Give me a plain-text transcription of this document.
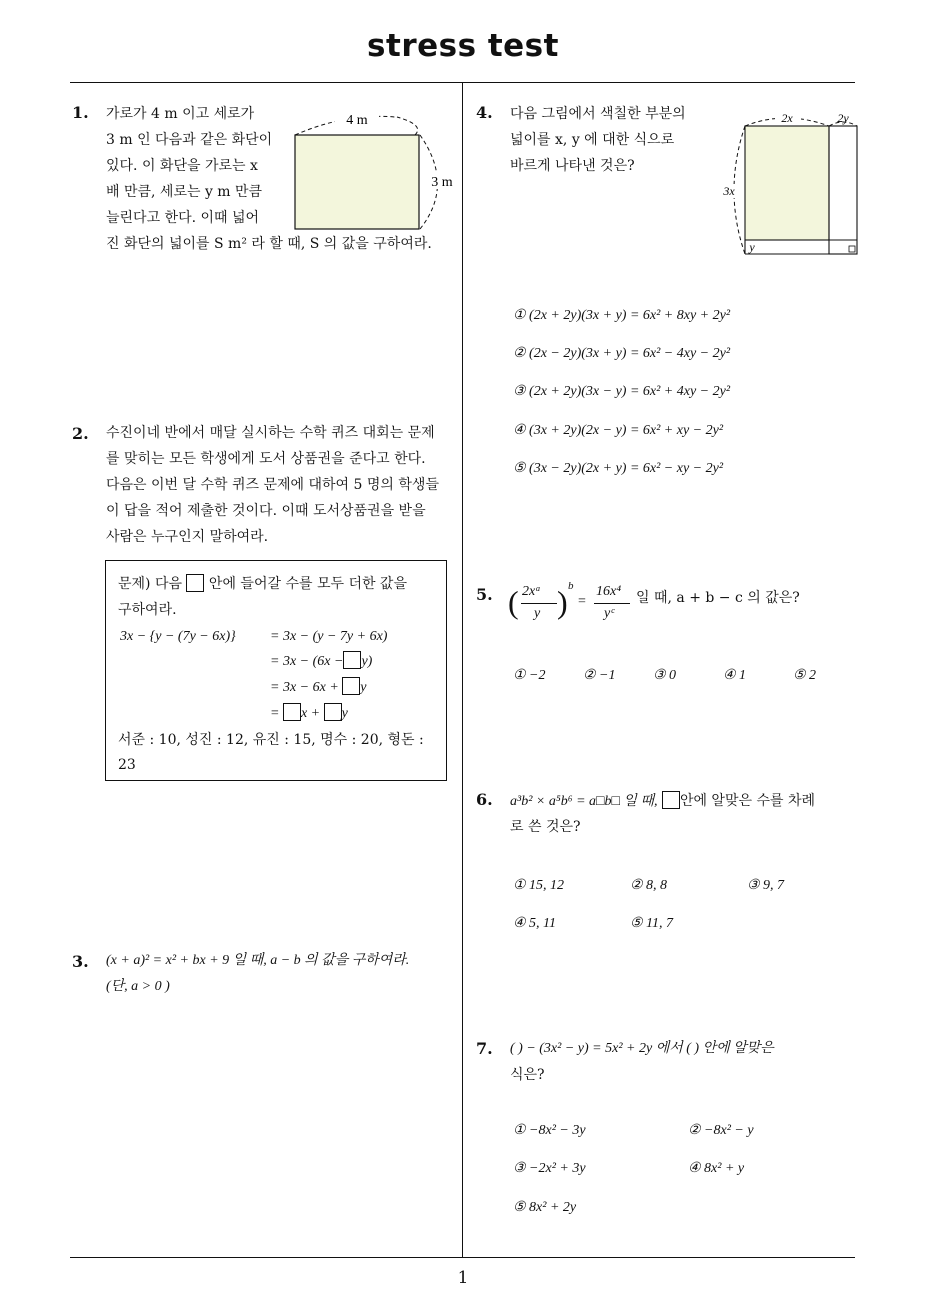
stress test
1. 가로가 4 m 이고 세로가
3 m 인 다음과 같은 화단이
있다. 이 화단을 가로는 x
배 만큼, 세로는 y m 만큼
늘린다고 한다. 이때 넓어
진 화단의 넓이를 S m² 라 할 때, S 의 값을 구하여라.
4 m
3 m
2. 수진이네 반에서 매달 실시하는 수학 퀴즈 대회는 문제
를 맞히는 모든 학생에게 도서 상품권을 준다고 한다.
다음은 이번 달 수학 퀴즈 문제에 대하여 5 명의 학생들
이 답을 적어 제출한 것이다. 이때 도서상품권을 받을
사람은 누구인지 말하여라.
문제) 다음 안에 들어갈 수를 모두 더한 값을
구하여라.
3x − {y − (7y − 6x)} = 3x − (y − 7y + 6x)
= 3x − (6x − y)
= 3x − 6x + y
= x + y
서준 : 10, 성진 : 12, 유진 : 15, 명수 : 20, 형돈 :
23
3. (x + a)² = x² + bx + 9 일 때, a − b 의 값을 구하여라.
(단, a > 0 )
4. 다음 그림에서 색칠한 부분의
넓이를 x, y 에 대한 식으로
바르게 나타낸 것은?
2x	2y
3x
y
① (2x + 2y)(3x + y) = 6x² + 8xy + 2y²
② (2x − 2y)(3x + y) = 6x² − 4xy − 2y²
③ (2x + 2y)(3x − y) = 6x² + 4xy − 2y²
④ (3x + 2y)(2x − y) = 6x² + xy − 2y²
⑤ (3x − 2y)(2x + y) = 6x² − xy − 2y²
5. ( 2xᵃ
y ) b
=
16x⁴
yᶜ
일 때, a + b − c 의 값은?
① −2	② −1	③ 0	④ 1	⑤ 2
6. a³b² × a⁵b⁶ = a□b□ 일 때, 안에 알맞은 수를 차례
로 쓴 것은?
① 15, 12	② 8, 8	③ 9, 7
④ 5, 11	⑤ 11, 7
7. ( ) − (3x² − y) = 5x² + 2y 에서 ( ) 안에 알맞은
식은?
① −8x² − 3y	② −8x² − y
③ −2x² + 3y	④ 8x² + y
⑤ 8x² + 2y
1
